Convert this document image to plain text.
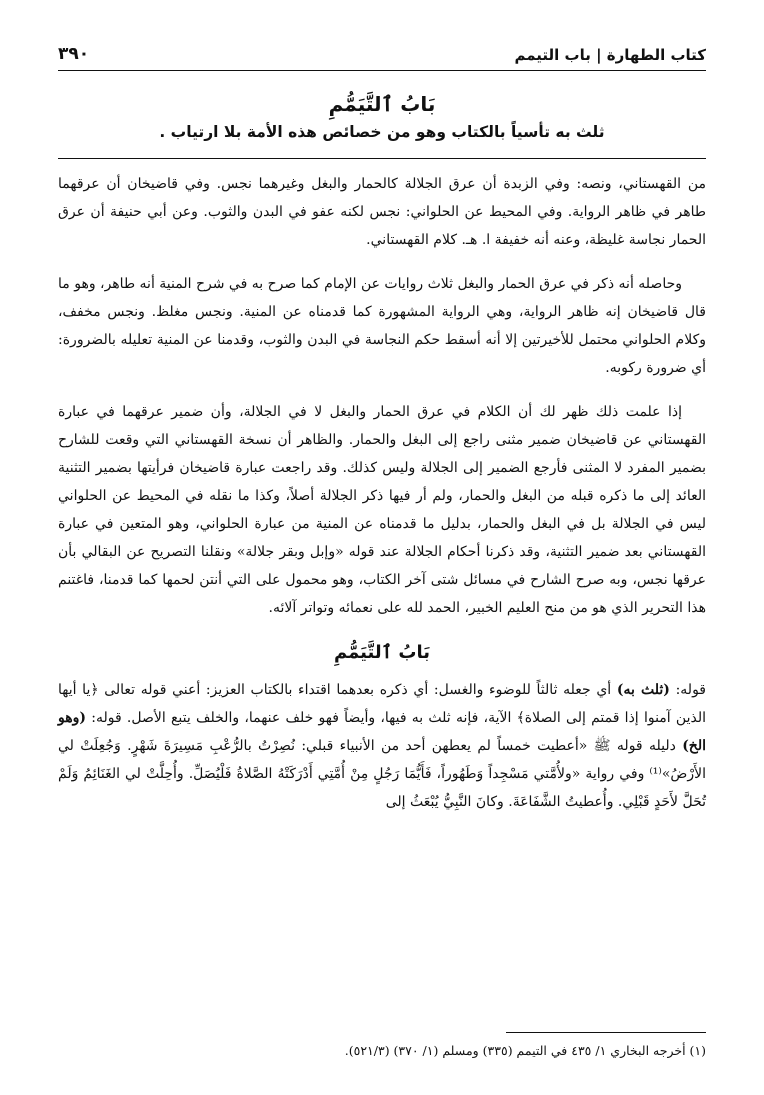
كتاب الطهارة | باب التيمم
٣٩٠
بَابُ ٱلتَّيَمُّمِ
ثلث به تأسياً بالكتاب وهو من خصائص هذه الأمة بلا ارتياب .

من القهستاني، ونصه: وفي الزبدة أن عرق الجلالة كالحمار والبغل وغيرهما نجس. وفي قاضيخان أن عرقهما طاهر في ظاهر الرواية. وفي المحيط عن الحلواني: نجس لكنه عفو في البدن والثوب. وعن أبي حنيفة أن عرق الحمار نجاسة غليظة، وعنه أنه خفيفة ا. هـ. كلام القهستاني.

وحاصله أنه ذكر في عرق الحمار والبغل ثلاث روايات عن الإمام كما صرح به في شرح المنية أنه طاهر، وهو ما قال قاضيخان إنه ظاهر الرواية، وهي الرواية المشهورة كما قدمناه عن المنية. ونجس مغلظ. ونجس مخفف، وكلام الحلواني محتمل للأخيرتين إلا أنه أسقط حكم النجاسة في البدن والثوب، وقدمنا عن المنية تعليله بالضرورة: أي ضرورة ركوبه.

إذا علمت ذلك ظهر لك أن الكلام في عرق الحمار والبغل لا في الجلالة، وأن ضمير عرقهما في عبارة القهستاني عن قاضيخان ضمير مثنى راجع إلى البغل والحمار. والظاهر أن نسخة القهستاني التي وقعت للشارح بضمير المفرد لا المثنى فأرجع الضمير إلى الجلالة وليس كذلك. وقد راجعت عبارة قاضيخان فرأيتها بضمير التثنية العائد إلى ما ذكره قبله من البغل والحمار، ولم أر فيها ذكر الجلالة أصلاً، وكذا ما نقله في المحيط عن الحلواني ليس في الجلالة بل في البغل والحمار، بدليل ما قدمناه عن المنية من عبارة الحلواني، وهو المتعين في عبارة القهستاني بعد ضمير التثنية، وقد ذكرنا أحكام الجلالة عند قوله «وإبل وبقر جلالة» ونقلنا التصريح عن البقالي بأن عرقها نجس، وبه صرح الشارح في مسائل شتى آخر الكتاب، وهو محمول على التي أنتن لحمها كما قدمنا، فاغتنم هذا التحرير الذي هو من منح العليم الخبير، الحمد لله على نعمائه وتواتر آلائه.

بَابُ ٱلتَّيَمُّمِ

قوله: (ثلث به) أي جعله ثالثاً للوضوء والغسل: أي ذكره بعدهما اقتداء بالكتاب العزيز: أعني قوله تعالى ﴿يا أيها الذين آمنوا إذا قمتم إلى الصلاة﴾ الآية، فإنه ثلث به فيها، وأيضاً فهو خلف عنهما، والخلف يتبع الأصل. قوله: (وهو الخ) دليله قوله ﷺ «أعطيت خمساً لم يعطهن أحد من الأنبياء قبلي: نُصِرْتُ بالرُّعْبِ مَسِيرَةَ شَهْرٍ. وَجُعِلَتْ لي الأَرْضُ»⁽¹⁾ وفي رواية «ولأُمَّتي مَسْجِداً وَطَهُوراً، فَأَيُّمَا رَجُلٍ مِنْ أُمَّتِي أَدْرَكَتْهُ الصَّلاةُ فَلْيُصَلِّ. وأُحِلَّتْ لي الغَنَائِمُ وَلَمْ تُحَلَّ لأَحَدٍ قَبْلِي. وأُعطيتُ الشَّفَاعَةَ. وكانَ النَّبِيُّ يُبْعَثُ إلى

(١) أخرجه البخاري ١/ ٤٣٥ في التيمم (٣٣٥) ومسلم (١/ ٣٧٠) (٥٢١/٣).
